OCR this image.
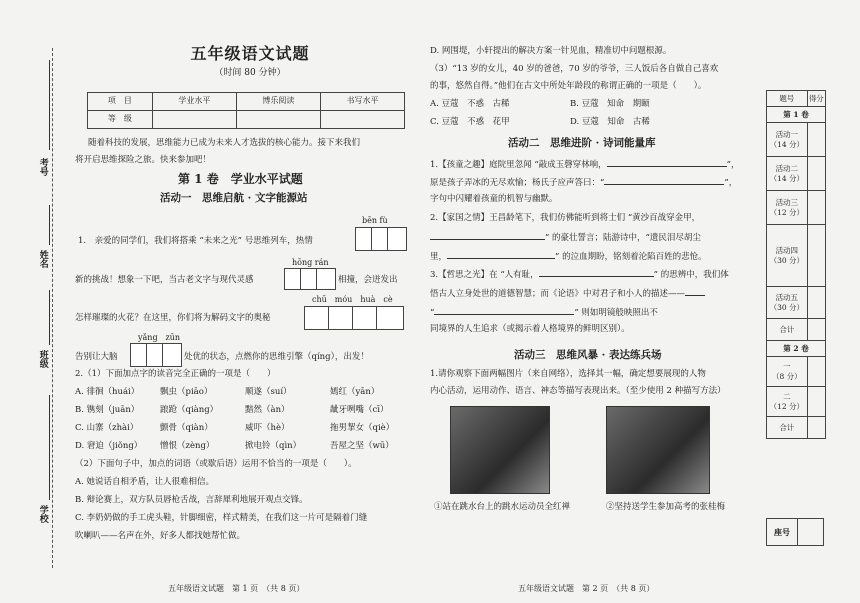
考号
姓名
班级
学校
五年级语文试题
（时间 80 分钟）
项　目	学业水平	博乐阅读	书写水平
等　级			
随着科技的发展，思维能力已成为未来人才选拔的核心能力。接下来我们
将开启思维探险之旅。快来参加吧！
第 1 卷　学业水平试题
活动一　思维启航 · 文字能源站
bēn fù
1.　亲爱的同学们，我们将搭乘 “未来之光” 号思维列车，热情
hōng rán
新的挑战！想象一下吧，当古老文字与现代灵感	相撞，会迸发出
chū　móu　huà　cè
怎样璀璨的火花？在这里，你们将为解码文字的奥秘
yǎng　zūn
告别让大脑	处优的状态，点燃你的思维引擎（qíng），出发！
2.（1）下面加点字的读音完全正确的一项是（　　）
A. 徘徊（huái） 飘虫（piāo）	顺遂（suí）	嫣红（yān）
B. 镌刻（juān） 踉跄（qiàng）	黯然（àn）	龇牙咧嘴（cī）
C. 山寨（zhài）	颤骨（qiàn）	威吓（hè）	拖男挈女（qiè）
D. 窘迫（jiǒng） 憎恨（zèng）	掀电铃（qìn）	吾屋之坚（wū）
（2）下面句子中，加点的词语（或歇后语）运用不恰当的一项是（　　）。
A. 她说话自相矛盾，让人很难相信。
B. 辩论赛上，双方队员唇枪舌战，言辞犀利地展开观点交锋。
C. 李奶奶做的手工虎头鞋，针脚细密，样式精美，在我们这一片可是隔着门缝
吹喇叭——名声在外，好多人都找她帮忙做。
五年级语文试题　第 1 页　（共 8 页）
D. 网围堤，小轩提出的解决方案一针见血，精准切中问题根源。
（3）“13 岁的女儿，40 岁的爸爸，70 岁的爷爷，三人饭后各自做自己喜欢
的事，悠然自得。”他们在古文中所处年龄段的称谓正确的一项是（　　）。
A. 豆蔻　不惑　古稀	B. 豆蔻　知命　期颐
C. 豆蔻　不惑　花甲	D. 豆蔻　知命　古稀
活动二　思维进阶 · 诗词能量库
1.【孩童之趣】庭院里忽闻 “敲成玉磬穿林响，	”，
原是孩子弄冰的无尽欢愉；杨氏子应声答曰：“	”，
字句中闪耀着孩童的机智与幽默。
2.【家国之情】王昌龄笔下，我们仿佛能听到将士们 “黄沙百战穿金甲，
” 的豪壮誓言；陆游诗中，“遗民泪尽胡尘
里，	” 的泣血期盼，铭刻着沦陷百姓的悲怆。
3.【哲思之光】在 “人有耻，	” 的思辨中，我们体
悟古人立身处世的道德智慧；而《论语》中对君子和小人的描述——
“	” 则如明镜般映照出不
同境界的人生追求（或揭示着人格境界的鲜明区别）。
活动三　思维风暴 · 表达练兵场
1.请你观察下面两幅图片（来自网络），选择其一幅，确定想要展现的人物
内心活动，运用动作、语言、神态等描写表现出来。（至少使用 2 种描写方法）
①站在跳水台上的跳水运动员全红禅	②坚持送学生参加高考的张桂梅
五年级语文试题　第 2 页　（共 8 页）
题号	得分
第 1 卷	

活动一
（14 分）	

活动二
（14 分）	

活动三
（12 分）	

活动四
（30 分）	

活动五
（30 分）	

合计	
第 2 卷	

一
（8 分）	

二
（12 分）	

合计	
座号	
